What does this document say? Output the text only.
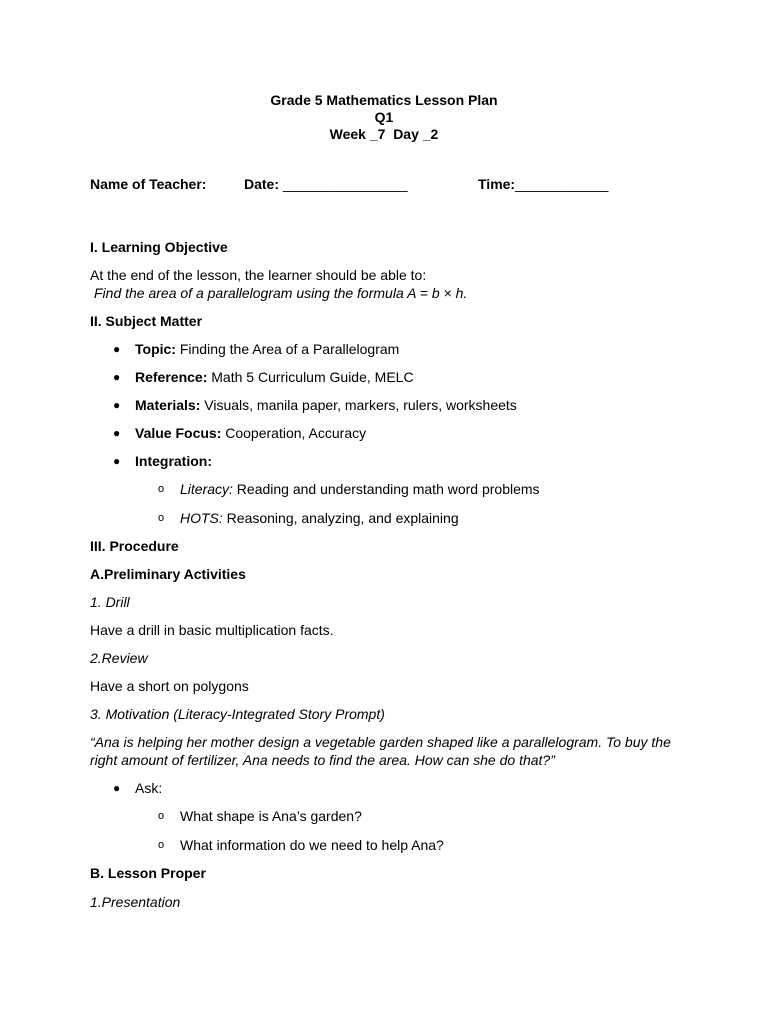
Grade 5 Mathematics Lesson Plan
Q1
Week _7  Day _2
Name of Teacher:	Date: ________________	Time: ____________
I. Learning Objective
At the end of the lesson, the learner should be able to:
Find the area of a parallelogram using the formula A = b × h.
II. Subject Matter
● Topic: Finding the Area of a Parallelogram
● Reference: Math 5 Curriculum Guide, MELC
● Materials: Visuals, manila paper, markers, rulers, worksheets
● Value Focus: Cooperation, Accuracy
● Integration:
o Literacy: Reading and understanding math word problems
o HOTS: Reasoning, analyzing, and explaining
III. Procedure
A.Preliminary Activities
1. Drill
Have a drill in basic multiplication facts.
2.Review
Have a short on polygons
3. Motivation (Literacy-Integrated Story Prompt)
“Ana is helping her mother design a vegetable garden shaped like a parallelogram. To buy the
right amount of fertilizer, Ana needs to find the area. How can she do that?”
● Ask:
o What shape is Ana’s garden?
o What information do we need to help Ana?
B. Lesson Proper
1.Presentation
